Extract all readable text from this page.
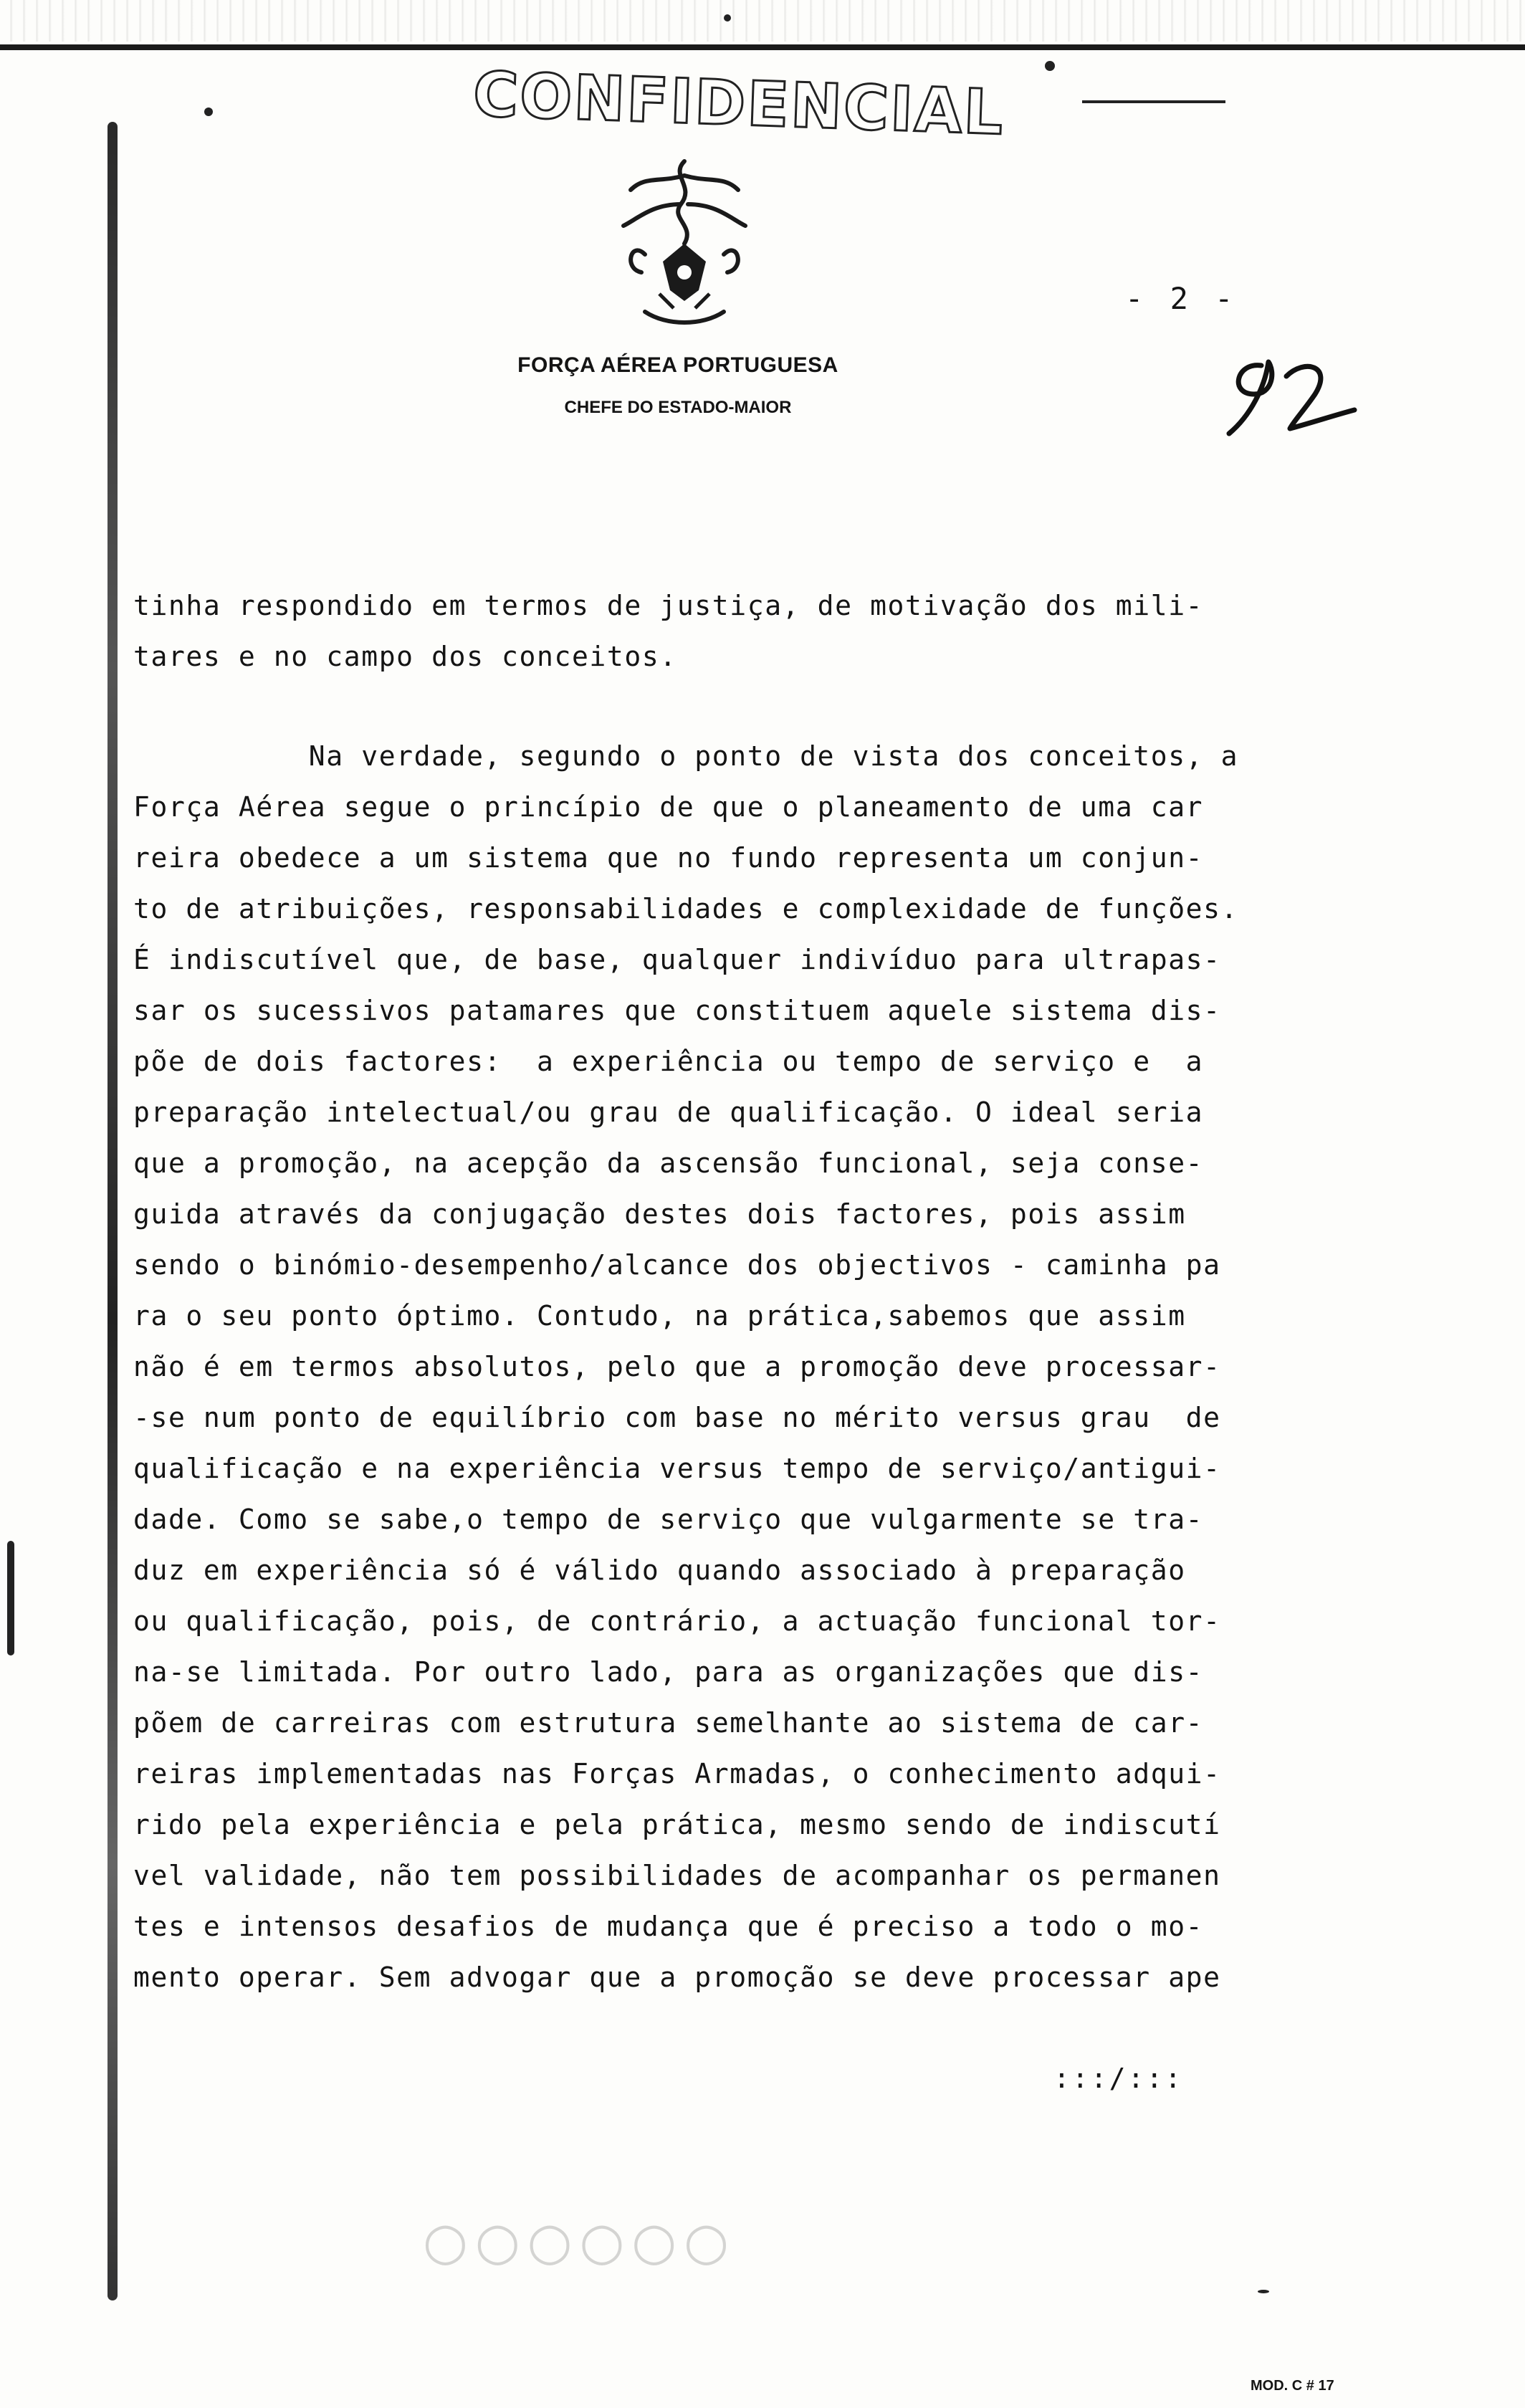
CONFIDENCIAL
- 2 -
FORÇA AÉREA PORTUGUESA
CHEFE DO ESTADO-MAIOR

tinha respondido em termos de justiça, de motivação dos mili-

tares e no campo dos conceitos.

Na verdade, segundo o ponto de vista dos conceitos, a

Força Aérea segue o princípio de que o planeamento de uma car

reira obedece a um sistema que no fundo representa um conjun-

to de atribuições, responsabilidades e complexidade de funções.

É indiscutível que, de base, qualquer indivíduo para ultrapas-

sar os sucessivos patamares que constituem aquele sistema dis-

põe de dois factores:  a experiência ou tempo de serviço e  a

preparação intelectual/ou grau de qualificação. O ideal seria

que a promoção, na acepção da ascensão funcional, seja conse-

guida através da conjugação destes dois factores, pois assim

sendo o binómio-desempenho/alcance dos objectivos - caminha pa

ra o seu ponto óptimo. Contudo, na prática,sabemos que assim

não é em termos absolutos, pelo que a promoção deve processar-

-se num ponto de equilíbrio com base no mérito versus grau  de

qualificação e na experiência versus tempo de serviço/antigui-

dade. Como se sabe,o tempo de serviço que vulgarmente se tra-

duz em experiência só é válido quando associado à preparação

ou qualificação, pois, de contrário, a actuação funcional tor-

na-se limitada. Por outro lado, para as organizações que dis-

põem de carreiras com estrutura semelhante ao sistema de car-

reiras implementadas nas Forças Armadas, o conhecimento adqui-

rido pela experiência e pela prática, mesmo sendo de indiscutí

vel validade, não tem possibilidades de acompanhar os permanen

tes e intensos desafios de mudança que é preciso a todo o mo-

mento operar. Sem advogar que a promoção se deve processar ape

:::/:::
○○○○○○
MOD. C # 17
